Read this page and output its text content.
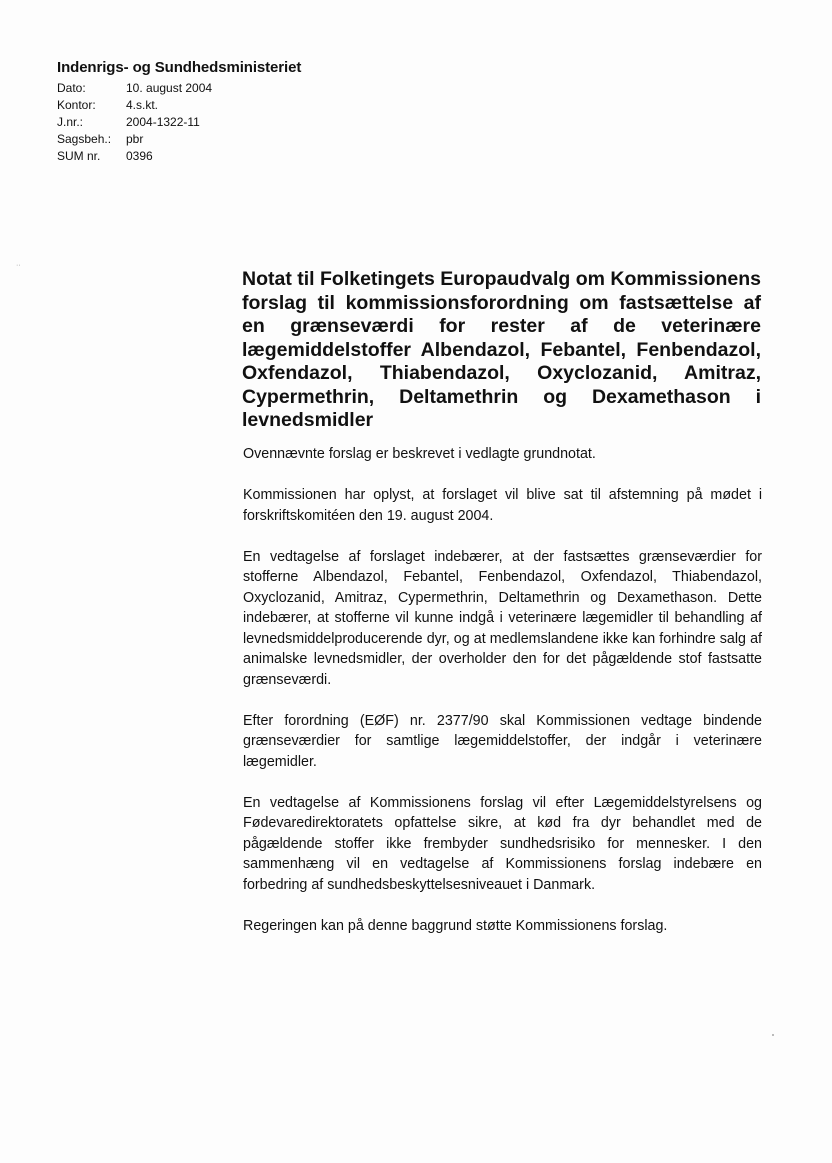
Indenrigs- og Sundhedsministeriet
Dato:	10. august 2004
Kontor:	4.s.kt.
J.nr.:	2004-1322-11
Sagsbeh.:	pbr
SUM nr.	0396
··
Notat til Folketingets Europaudvalg om Kommissionens forslag til kommissionsforordning om fastsættelse af en grænseværdi for rester af de veterinære lægemiddelstoffer Albendazol, Febantel, Fenbendazol, Oxfendazol, Thiabendazol, Oxyclozanid, Amitraz, Cypermethrin, Deltamethrin og Dexamethason i levnedsmidler

Ovennævnte forslag er beskrevet i vedlagte grundnotat.

Kommissionen har oplyst, at forslaget vil blive sat til afstemning på mødet i forskriftskomitéen den 19. august 2004.

En vedtagelse af forslaget indebærer, at der fastsættes grænseværdier for stofferne Albendazol, Febantel, Fenbendazol, Oxfendazol, Thiabendazol, Oxyclozanid, Amitraz, Cypermethrin, Deltamethrin og Dexamethason. Dette indebærer, at stofferne vil kunne indgå i veterinære lægemidler til behandling af levnedsmiddelproducerende dyr, og at medlemslandene ikke kan forhindre salg af animalske levnedsmidler, der overholder den for det pågældende stof fastsatte grænseværdi.

Efter forordning (EØF) nr. 2377/90 skal Kommissionen vedtage bindende grænseværdier for samtlige lægemiddelstoffer, der indgår i veterinære lægemidler.

En vedtagelse af Kommissionens forslag vil efter Lægemiddelstyrelsens og Fødevaredirektoratets opfattelse sikre, at kød fra dyr behandlet med de pågældende stoffer ikke frembyder sundhedsrisiko for mennesker. I den sammenhæng vil en vedtagelse af Kommissionens forslag indebære en forbedring af sundhedsbeskyttelsesniveauet i Danmark.

Regeringen kan på denne baggrund støtte Kommissionens forslag.
